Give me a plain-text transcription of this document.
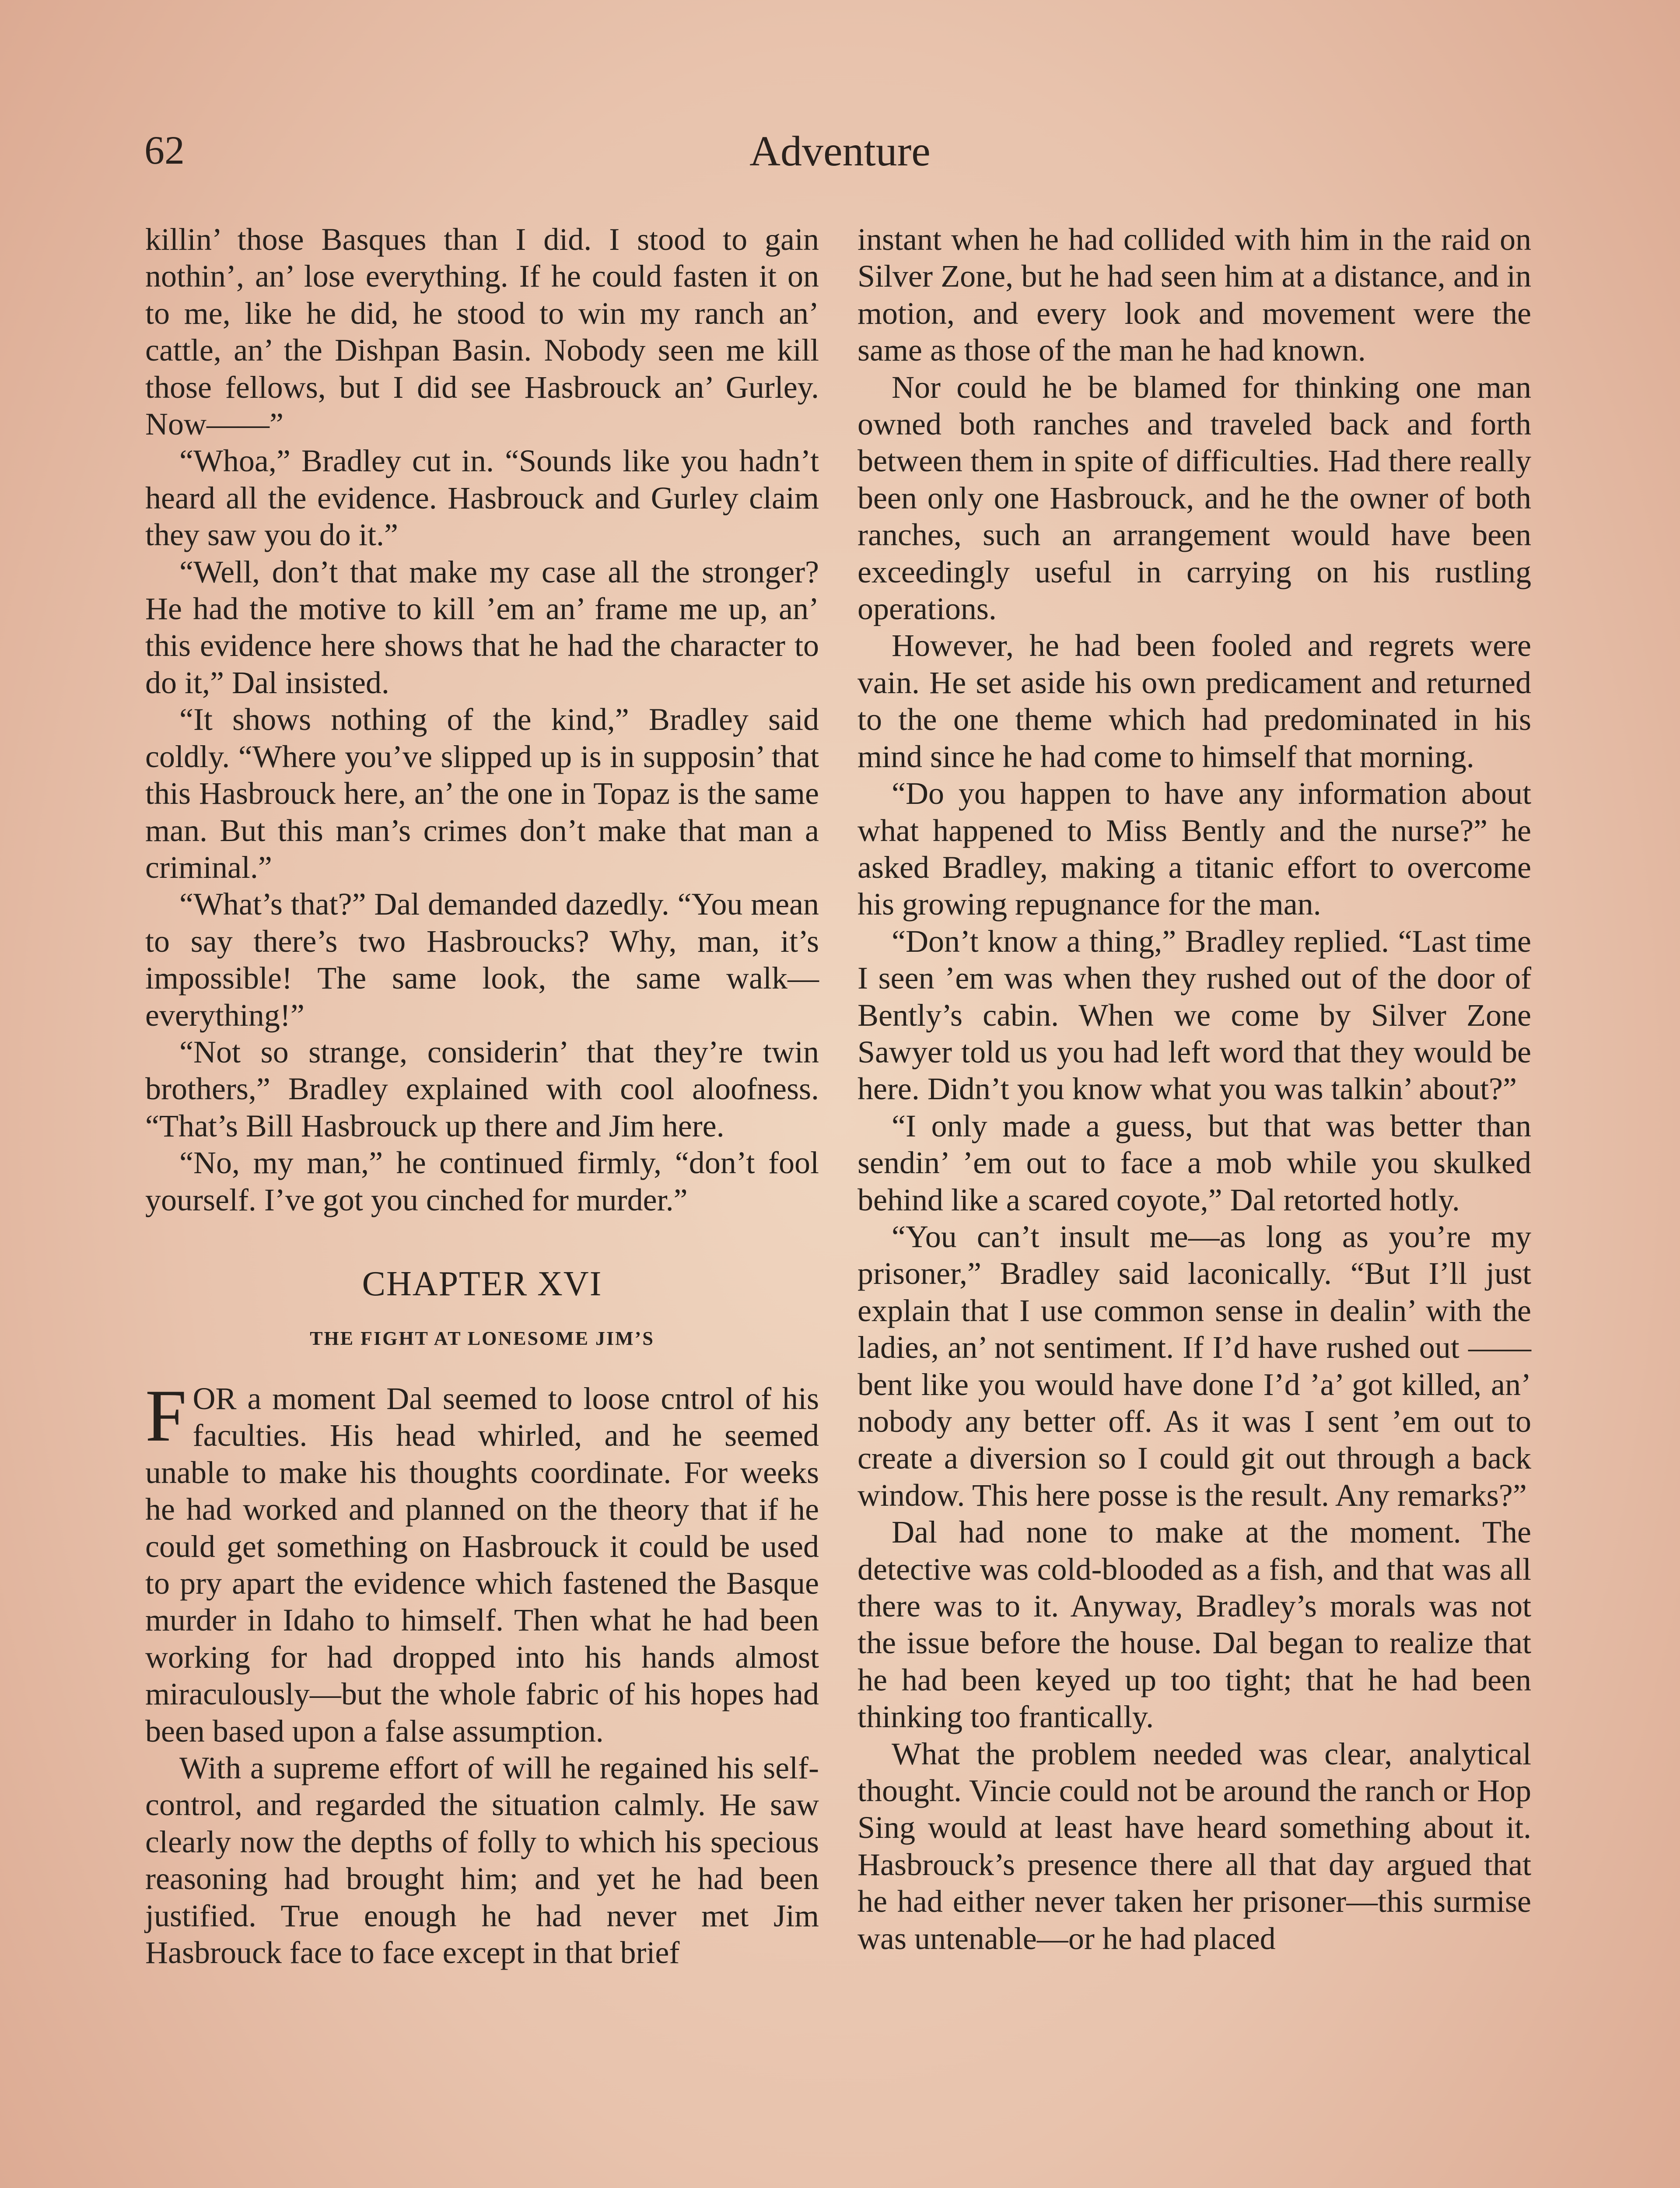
62	Adventure

killin’ those Basques than I did. I stood to gain nothin’, an’ lose everything. If he could fasten it on to me, like he did, he stood to win my ranch an’ cattle, an’ the Dishpan Basin. Nobody seen me kill those fellows, but I did see Hasbrouck an’ Gurley. Now——”

“Whoa,” Bradley cut in. “Sounds like you hadn’t heard all the evidence. Hasbrouck and Gurley claim they saw you do it.”

“Well, don’t that make my case all the stronger? He had the motive to kill ’em an’ frame me up, an’ this evidence here shows that he had the character to do it,” Dal insisted.

“It shows nothing of the kind,” Bradley said coldly. “Where you’ve slipped up is in supposin’ that this Hasbrouck here, an’ the one in Topaz is the same man. But this man’s crimes don’t make that man a criminal.”

“What’s that?” Dal demanded dazedly. “You mean to say there’s two Hasbroucks? Why, man, it’s impossible! The same look, the same walk—everything!”

“Not so strange, considerin’ that they’re twin brothers,” Bradley explained with cool aloofness. “That’s Bill Hasbrouck up there and Jim here.

“No, my man,” he continued firmly, “don’t fool yourself. I’ve got you cinched for murder.”

CHAPTER XVI
THE FIGHT AT LONESOME JIM’S

FOR a moment Dal seemed to loose cntrol of his faculties. His head whirled, and he seemed unable to make his thoughts coordinate. For weeks he had worked and planned on the theory that if he could get something on Hasbrouck it could be used to pry apart the evidence which fastened the Basque murder in Idaho to himself. Then what he had been working for had dropped into his hands almost miraculously—but the whole fabric of his hopes had been based upon a false assumption.

With a supreme effort of will he regained his self-control, and regarded the situation calmly. He saw clearly now the depths of folly to which his specious reasoning had brought him; and yet he had been justified. True enough he had never met Jim Hasbrouck face to face except in that brief

instant when he had collided with him in the raid on Silver Zone, but he had seen him at a distance, and in motion, and every look and movement were the same as those of the man he had known.

Nor could he be blamed for thinking one man owned both ranches and traveled back and forth between them in spite of difficulties. Had there really been only one Hasbrouck, and he the owner of both ranches, such an arrangement would have been exceedingly useful in carrying on his rustling operations.

However, he had been fooled and regrets were vain. He set aside his own predicament and returned to the one theme which had predominated in his mind since he had come to himself that morning.

“Do you happen to have any information about what happened to Miss Bently and the nurse?” he asked Bradley, making a titanic effort to overcome his growing repugnance for the man.

“Don’t know a thing,” Bradley replied. “Last time I seen ’em was when they rushed out of the door of Bently’s cabin. When we come by Silver Zone Sawyer told us you had left word that they would be here. Didn’t you know what you was talkin’ about?”

“I only made a guess, but that was better than sendin’ ’em out to face a mob while you skulked behind like a scared coyote,” Dal retorted hotly.

“You can’t insult me—as long as you’re my prisoner,” Bradley said laconically. “But I’ll just explain that I use common sense in dealin’ with the ladies, an’ not sentiment. If I’d have rushed out —— bent like you would have done I’d ’a’ got killed, an’ nobody any better off. As it was I sent ’em out to create a diversion so I could git out through a back window. This here posse is the result. Any remarks?”

Dal had none to make at the moment. The detective was cold-blooded as a fish, and that was all there was to it. Anyway, Bradley’s morals was not the issue before the house. Dal began to realize that he had been keyed up too tight; that he had been thinking too frantically.

What the problem needed was clear, analytical thought. Vincie could not be around the ranch or Hop Sing would at least have heard something about it. Hasbrouck’s presence there all that day argued that he had either never taken her prisoner—this surmise was untenable—or he had placed
